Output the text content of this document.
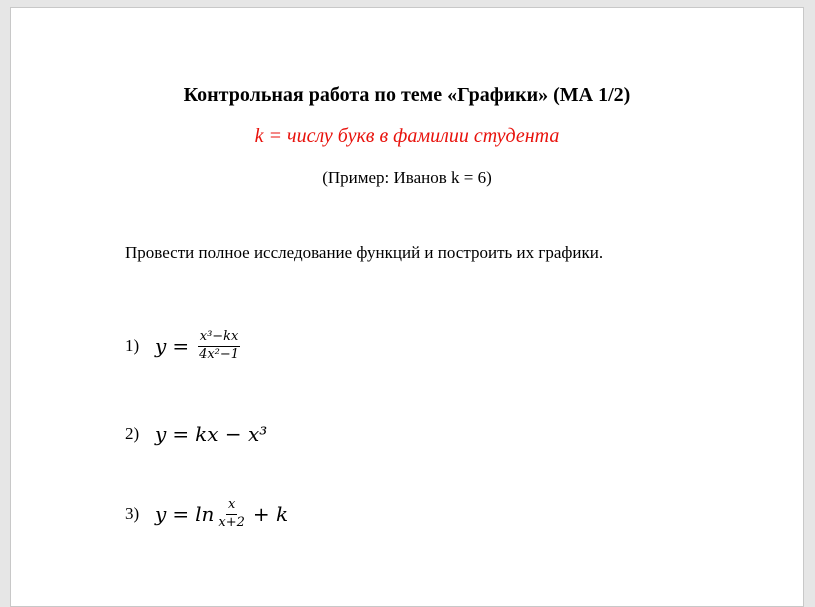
Контрольная работа по теме «Графики» (МА 1/2)
k = числу букв в фамилии студента
(Пример: Иванов k = 6)
Провести полное исследование функций и построить их графики.
1) $y = \frac{\text{x³−kx}}{\text{4x²−1}}$
2) y = kx − x³
3) $y = \ln \frac{x}{x+2} + k$
